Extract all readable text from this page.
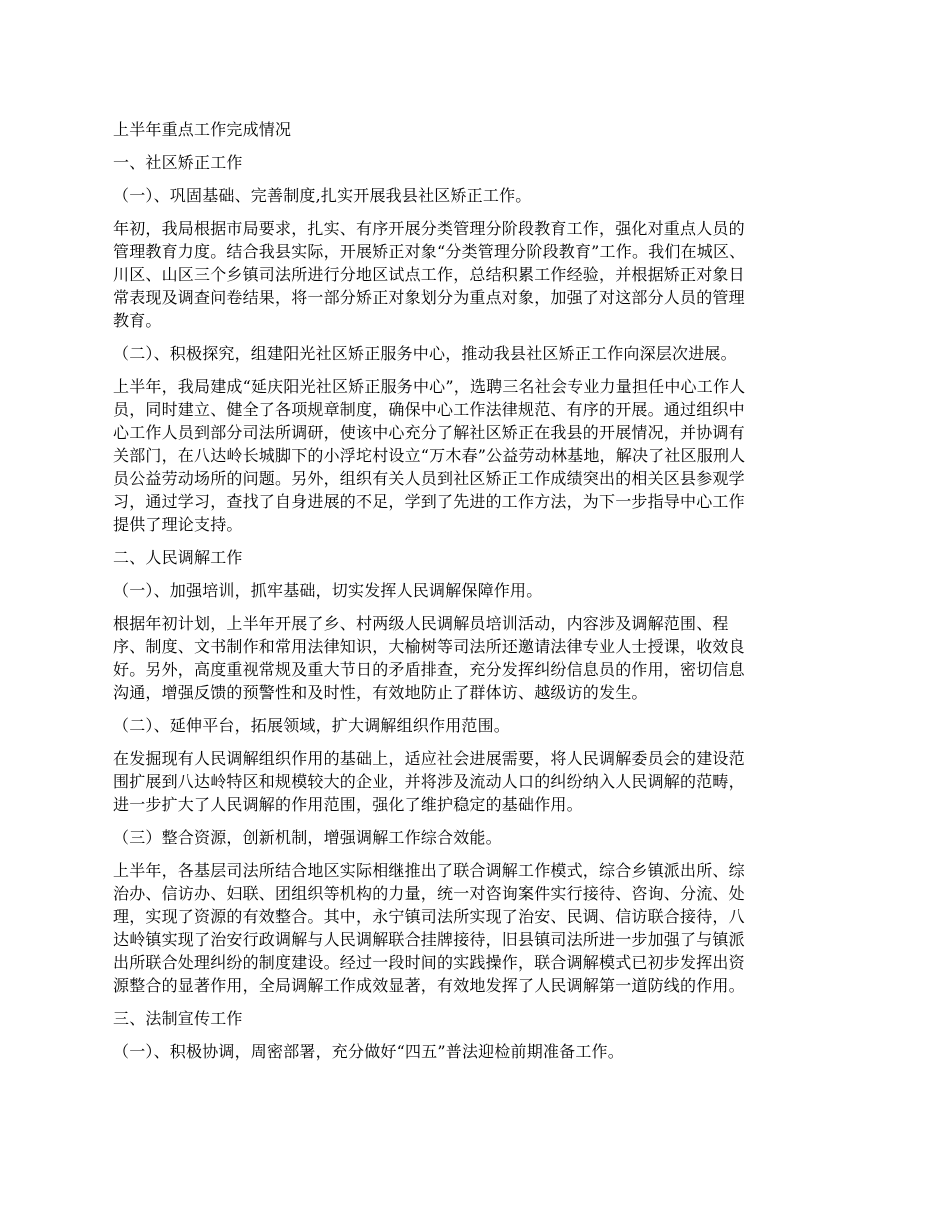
上半年重点工作完成情况

一、社区矫正工作

（一）、巩固基础、完善制度,扎实开展我县社区矫正工作。

年初，我局根据市局要求，扎实、有序开展分类管理分阶段教育工作，强化对重点人员的
管理教育力度。结合我县实际，开展矫正对象“分类管理分阶段教育”工作。我们在城区、
川区、山区三个乡镇司法所进行分地区试点工作，总结积累工作经验，并根据矫正对象日
常表现及调查问卷结果，将一部分矫正对象划分为重点对象，加强了对这部分人员的管理
教育。

（二）、积极探究，组建阳光社区矫正服务中心，推动我县社区矫正工作向深层次进展。

上半年，我局建成“延庆阳光社区矫正服务中心”，选聘三名社会专业力量担任中心工作人
员，同时建立、健全了各项规章制度，确保中心工作法律规范、有序的开展。通过组织中
心工作人员到部分司法所调研，使该中心充分了解社区矫正在我县的开展情况，并协调有
关部门，在八达岭长城脚下的小浮坨村设立“万木春”公益劳动林基地，解决了社区服刑人
员公益劳动场所的问题。另外，组织有关人员到社区矫正工作成绩突出的相关区县参观学
习，通过学习，查找了自身进展的不足，学到了先进的工作方法，为下一步指导中心工作
提供了理论支持。

二、人民调解工作

（一）、加强培训，抓牢基础，切实发挥人民调解保障作用。

根据年初计划，上半年开展了乡、村两级人民调解员培训活动，内容涉及调解范围、程
序、制度、文书制作和常用法律知识，大榆树等司法所还邀请法律专业人士授课，收效良
好。另外，高度重视常规及重大节日的矛盾排查，充分发挥纠纷信息员的作用，密切信息
沟通，增强反馈的预警性和及时性，有效地防止了群体访、越级访的发生。

（二）、延伸平台，拓展领域，扩大调解组织作用范围。

在发掘现有人民调解组织作用的基础上，适应社会进展需要，将人民调解委员会的建设范
围扩展到八达岭特区和规模较大的企业，并将涉及流动人口的纠纷纳入人民调解的范畴，
进一步扩大了人民调解的作用范围，强化了维护稳定的基础作用。

（三）整合资源，创新机制，增强调解工作综合效能。

上半年，各基层司法所结合地区实际相继推出了联合调解工作模式，综合乡镇派出所、综
治办、信访办、妇联、团组织等机构的力量，统一对咨询案件实行接待、咨询、分流、处
理，实现了资源的有效整合。其中，永宁镇司法所实现了治安、民调、信访联合接待，八
达岭镇实现了治安行政调解与人民调解联合挂牌接待，旧县镇司法所进一步加强了与镇派
出所联合处理纠纷的制度建设。经过一段时间的实践操作，联合调解模式已初步发挥出资
源整合的显著作用，全局调解工作成效显著，有效地发挥了人民调解第一道防线的作用。

三、法制宣传工作

（一）、积极协调，周密部署，充分做好“四五”普法迎检前期准备工作。
